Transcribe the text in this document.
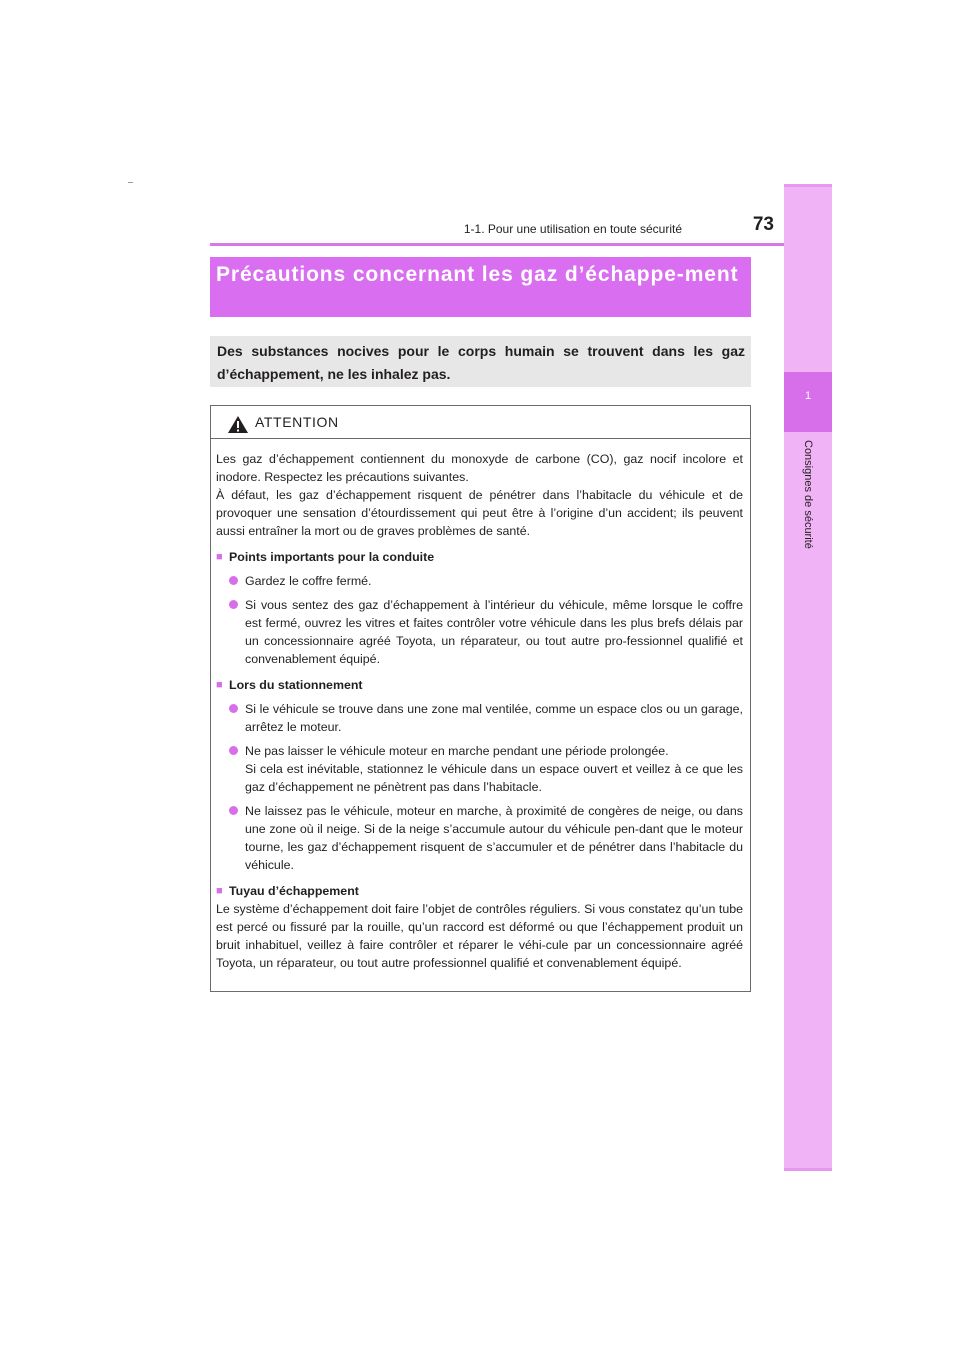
1-1. Pour une utilisation en toute sécurité	73
1
Consignes de sécurité
Précautions concernant les gaz d’échappe-ment
Des substances nocives pour le corps humain se trouvent dans les gaz d’échappement, ne les inhalez pas.
ATTENTION

Les gaz d’échappement contiennent du monoxyde de carbone (CO), gaz nocif incolore et inodore. Respectez les précautions suivantes.

À défaut, les gaz d’échappement risquent de pénétrer dans l’habitacle du véhicule et de provoquer une sensation d’étourdissement qui peut être à l’origine d’un accident; ils peuvent aussi entraîner la mort ou de graves problèmes de santé.

■ Points importants pour la conduite
Gardez le coffre fermé.
Si vous sentez des gaz d’échappement à l’intérieur du véhicule, même lorsque le coffre est fermé, ouvrez les vitres et faites contrôler votre véhicule dans les plus brefs délais par un concessionnaire agréé Toyota, un réparateur, ou tout autre pro-fessionnel qualifié et convenablement équipé.
■ Lors du stationnement
Si le véhicule se trouve dans une zone mal ventilée, comme un espace clos ou un garage, arrêtez le moteur.
Ne pas laisser le véhicule moteur en marche pendant une période prolongée.
Si cela est inévitable, stationnez le véhicule dans un espace ouvert et veillez à ce que les gaz d’échappement ne pénètrent pas dans l’habitacle.
Ne laissez pas le véhicule, moteur en marche, à proximité de congères de neige, ou dans une zone où il neige. Si de la neige s’accumule autour du véhicule pen-dant que le moteur tourne, les gaz d’échappement risquent de s’accumuler et de pénétrer dans l’habitacle du véhicule.
■ Tuyau d’échappement

Le système d’échappement doit faire l’objet de contrôles réguliers. Si vous constatez qu’un tube est percé ou fissuré par la rouille, qu’un raccord est déformé ou que l’échappement produit un bruit inhabituel, veillez à faire contrôler et réparer le véhi-cule par un concessionnaire agréé Toyota, un réparateur, ou tout autre professionnel qualifié et convenablement équipé.
